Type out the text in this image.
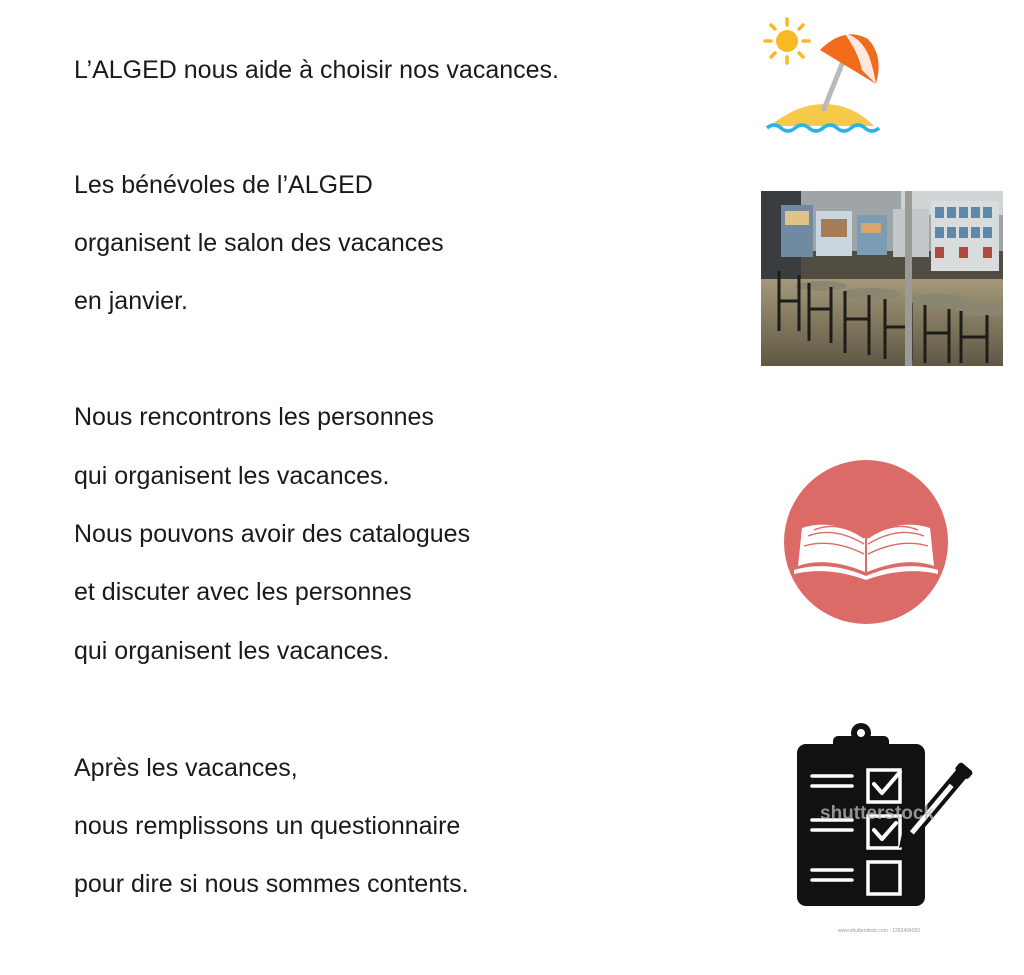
L’ALGED nous aide à choisir nos vacances.
Les bénévoles de l’ALGED
organisent le salon des vacances
en janvier.
Nous rencontrons les personnes
qui organisent les vacances.
Nous pouvons avoir des catalogues
et discuter avec les personnes
qui organisent les vacances.
Après les vacances,
nous remplissons un questionnaire
pour dire si nous sommes contents.
shutterstock
www.shutterstock.com · 1292404093
